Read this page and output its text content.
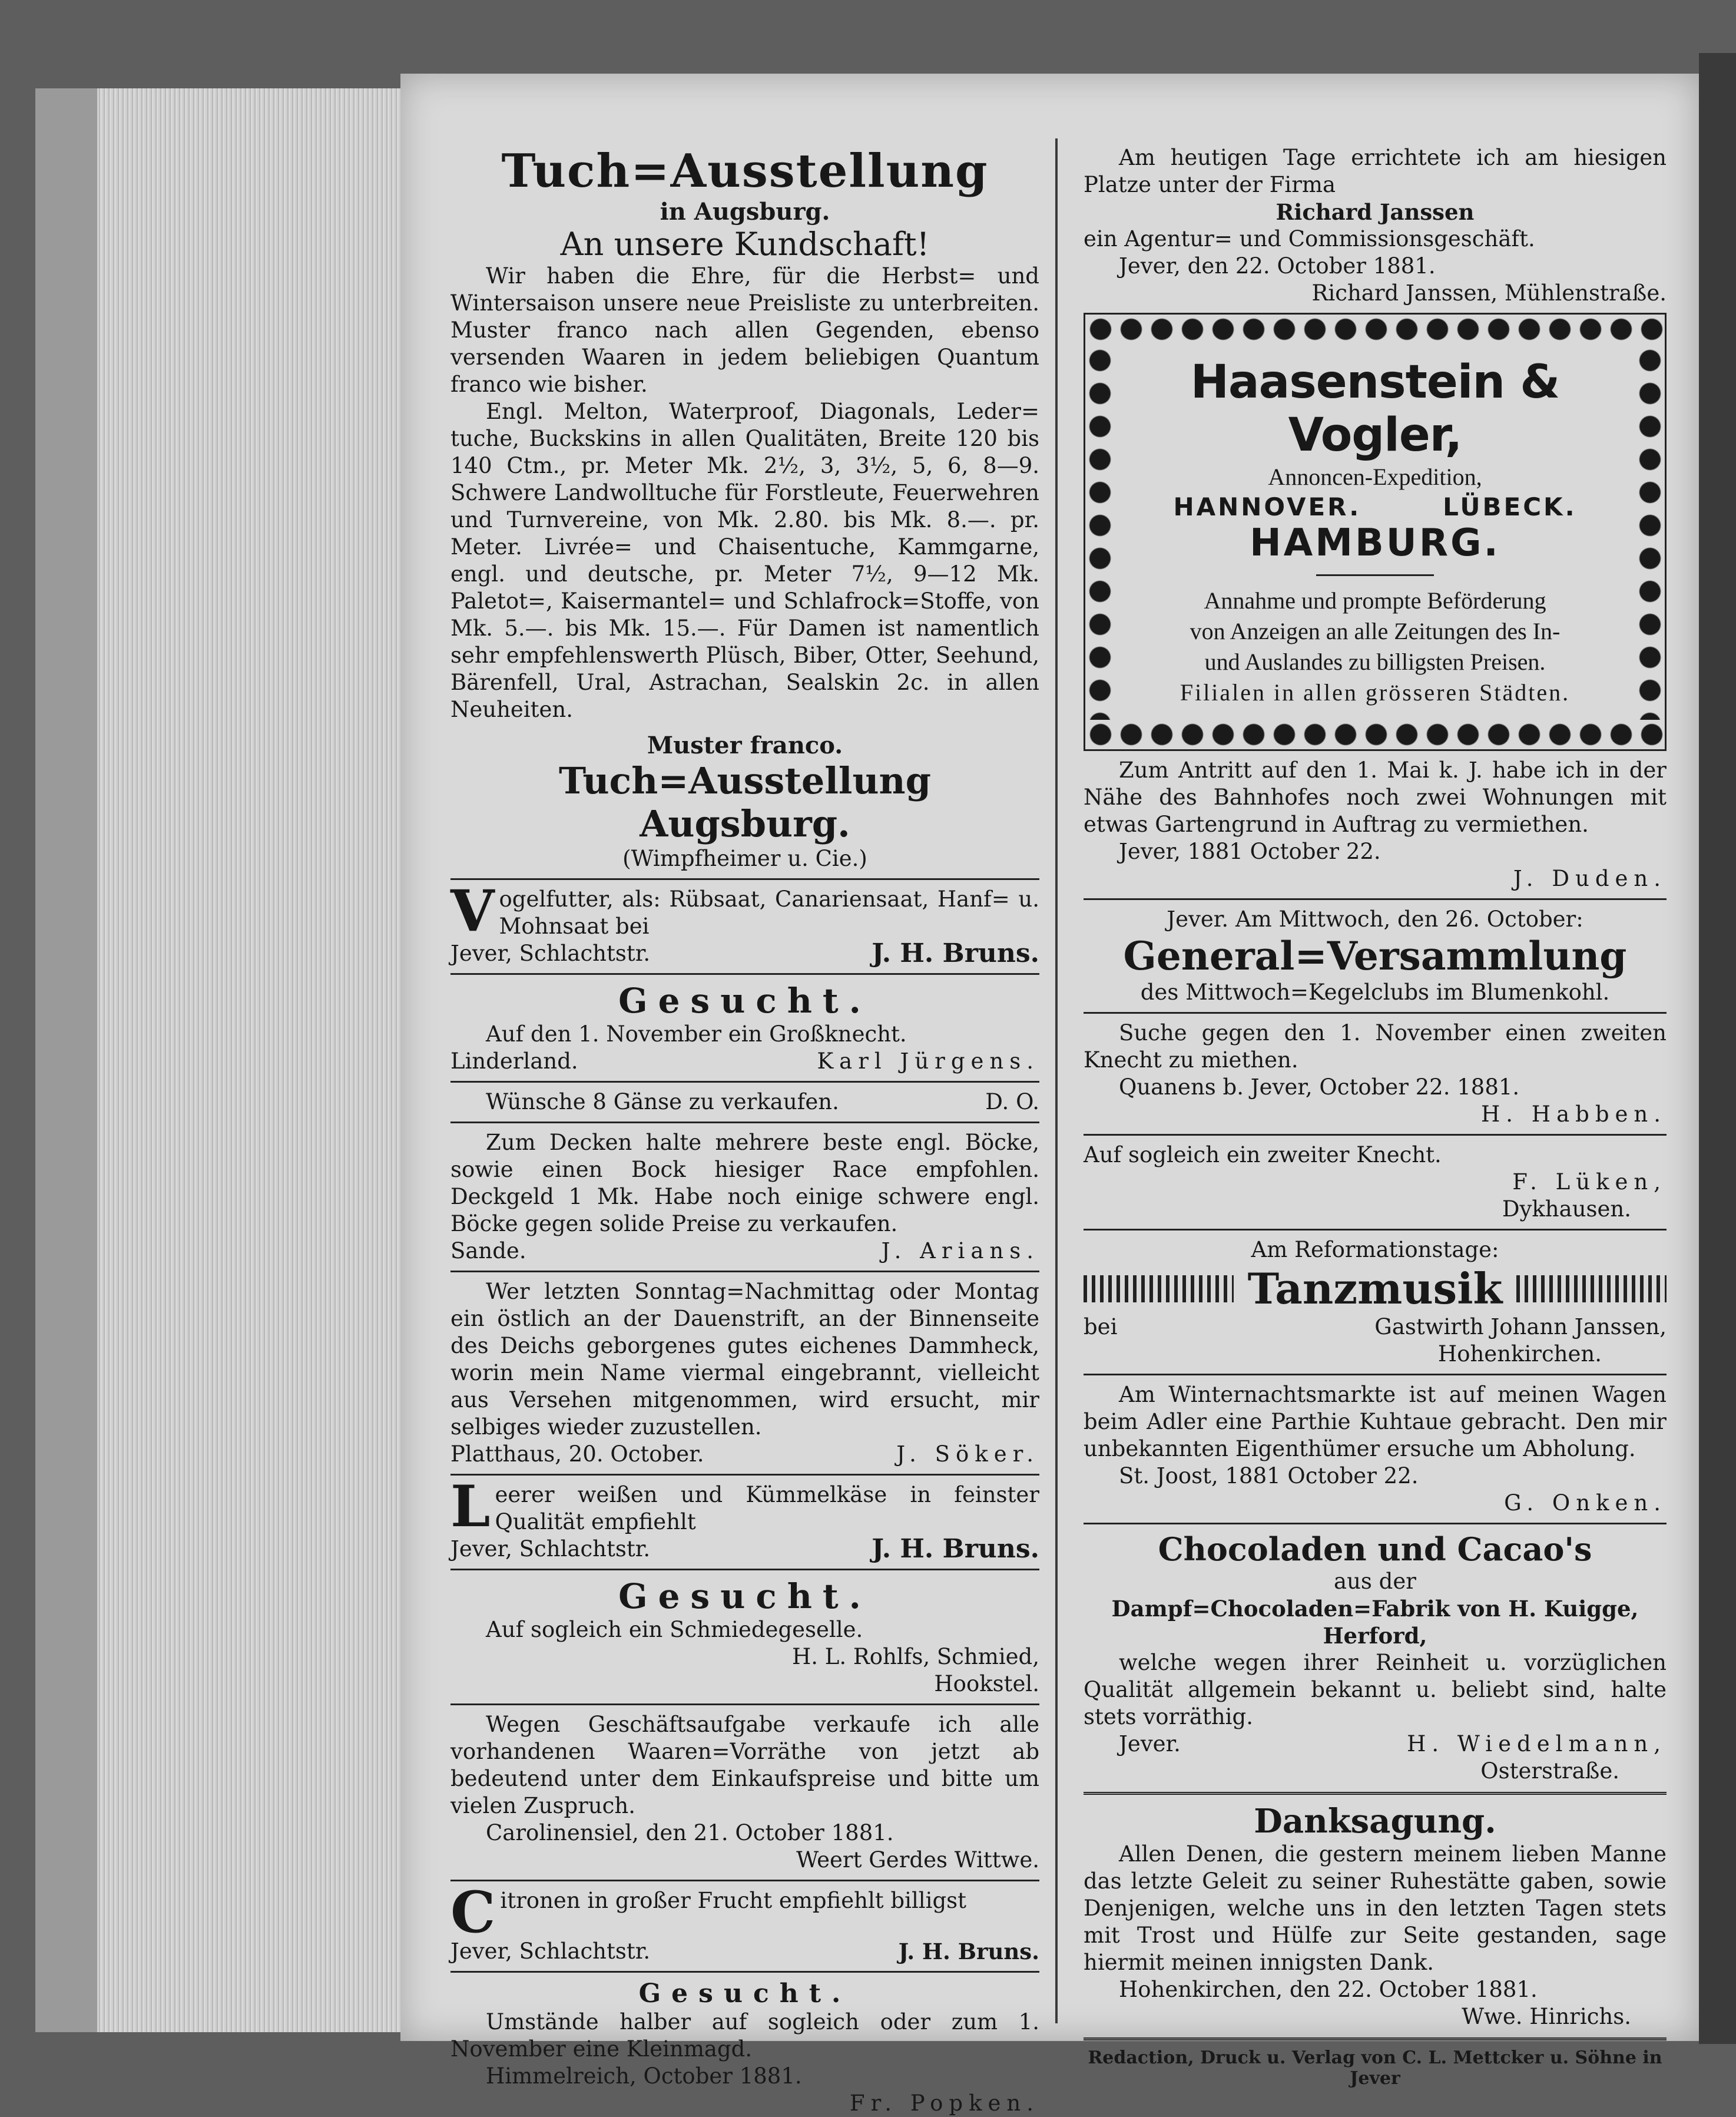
Tuch=Ausstellung
in Augsburg.
An unsere Kundschaft!

Wir haben die Ehre, für die Herbst= und Wintersaison unsere neue Preisliste zu unterbreiten. Muster franco nach allen Gegenden, ebenso versenden Waaren in jedem beliebigen Quantum franco wie bisher.

Engl. Melton, Waterproof, Diagonals, Leder= tuche, Buckskins in allen Qualitäten, Breite 120 bis 140 Ctm., pr. Meter Mk. 2½, 3, 3½, 5, 6, 8—9. Schwere Landwolltuche für Forstleute, Feuerwehren und Turnvereine, von Mk. 2.80. bis Mk. 8.—. pr. Meter. Livrée= und Chaisentuche, Kammgarne, engl. und deutsche, pr. Meter 7½, 9—12 Mk. Paletot=, Kaisermantel= und Schlafrock=Stoffe, von Mk. 5.—. bis Mk. 15.—. Für Damen ist namentlich sehr empfehlenswerth Plüsch, Biber, Otter, Seehund, Bärenfell, Ural, Astrachan, Sealskin 2c. in allen Neuheiten.

Muster franco.
Tuch=Ausstellung Augsburg.
(Wimpfheimer u. Cie.)
V ogelfutter, als: Rübsaat, Canariensaat, Hanf= u. Mohnsaat bei

Jever, Schlachtstr.	J. H. Bruns.
Gesucht.

Auf den 1. November ein Großknecht.

Linderland.	Karl Jürgens.
Wünsche 8 Gänse zu verkaufen.	D. O.

Zum Decken halte mehrere beste engl. Böcke, sowie einen Bock hiesiger Race empfohlen. Deckgeld 1 Mk. Habe noch einige schwere engl. Böcke gegen solide Preise zu verkaufen.

Sande.	J. Arians.

Wer letzten Sonntag=Nachmittag oder Montag ein östlich an der Dauenstrift, an der Binnenseite des Deichs geborgenes gutes eichenes Dammheck, worin mein Name viermal eingebrannt, vielleicht aus Versehen mitgenommen, wird ersucht, mir selbiges wieder zuzustellen.

Platthaus, 20. October.	J. Söker.
L eerer weißen und Kümmelkäse in feinster Qualität empfiehlt

Jever, Schlachtstr.	J. H. Bruns.
Gesucht.

Auf sogleich ein Schmiedegeselle.

H. L. Rohlfs, Schmied,
Hookstel.

Wegen Geschäftsaufgabe verkaufe ich alle vorhandenen Waaren=Vorräthe von jetzt ab bedeutend unter dem Einkaufspreise und bitte um vielen Zuspruch.

Carolinensiel, den 21. October 1881.

Weert Gerdes Wittwe.
C itronen in großer Frucht empfiehlt billigst

Jever, Schlachtstr.	J. H. Bruns.
Gesucht.

Umstände halber auf sogleich oder zum 1. November eine Kleinmagd.

Himmelreich, October 1881.

Fr. Popken.

Am heutigen Tage errichtete ich am hiesigen Platze unter der Firma

Richard Janssen

ein Agentur= und Commissionsgeschäft.

Jever, den 22. October 1881.

Richard Janssen, Mühlenstraße.
Haasenstein & Vogler,
Annoncen-Expedition,
HANNOVER.	LÜBECK.
HAMBURG.
Annahme und prompte Beförderung
von Anzeigen an alle Zeitungen des In-
und Auslandes zu billigsten Preisen.
Filialen in allen grösseren Städten.

Zum Antritt auf den 1. Mai k. J. habe ich in der Nähe des Bahnhofes noch zwei Wohnungen mit etwas Gartengrund in Auftrag zu vermiethen.

Jever, 1881 October 22.

J. Duden.
Jever. Am Mittwoch, den 26. October:
General=Versammlung
des Mittwoch=Kegelclubs im Blumenkohl.

Suche gegen den 1. November einen zweiten Knecht zu miethen.

Quanens b. Jever, October 22. 1881.

H. Habben.

Auf sogleich ein zweiter Knecht.

F. Lüken,
Dykhausen.
Am Reformationstage:
Tanzmusik
bei	Gastwirth Johann Janssen,
Hohenkirchen.

Am Winternachtsmarkte ist auf meinen Wagen beim Adler eine Parthie Kuhtaue gebracht. Den mir unbekannten Eigenthümer ersuche um Abholung.

St. Joost, 1881 October 22.

G. Onken.
Chocoladen und Cacao's
aus der
Dampf=Chocoladen=Fabrik von H. Kuigge, Herford,

welche wegen ihrer Reinheit u. vorzüglichen Qualität allgemein bekannt u. beliebt sind, halte stets vorräthig.

Jever.	H. Wiedelmann,
Osterstraße.
Danksagung.

Allen Denen, die gestern meinem lieben Manne das letzte Geleit zu seiner Ruhestätte gaben, sowie Denjenigen, welche uns in den letzten Tagen stets mit Trost und Hülfe zur Seite gestanden, sage hiermit meinen innigsten Dank.

Hohenkirchen, den 22. October 1881.

Wwe. Hinrichs.
Redaction, Druck u. Verlag von C. L. Mettcker u. Söhne in Jever
